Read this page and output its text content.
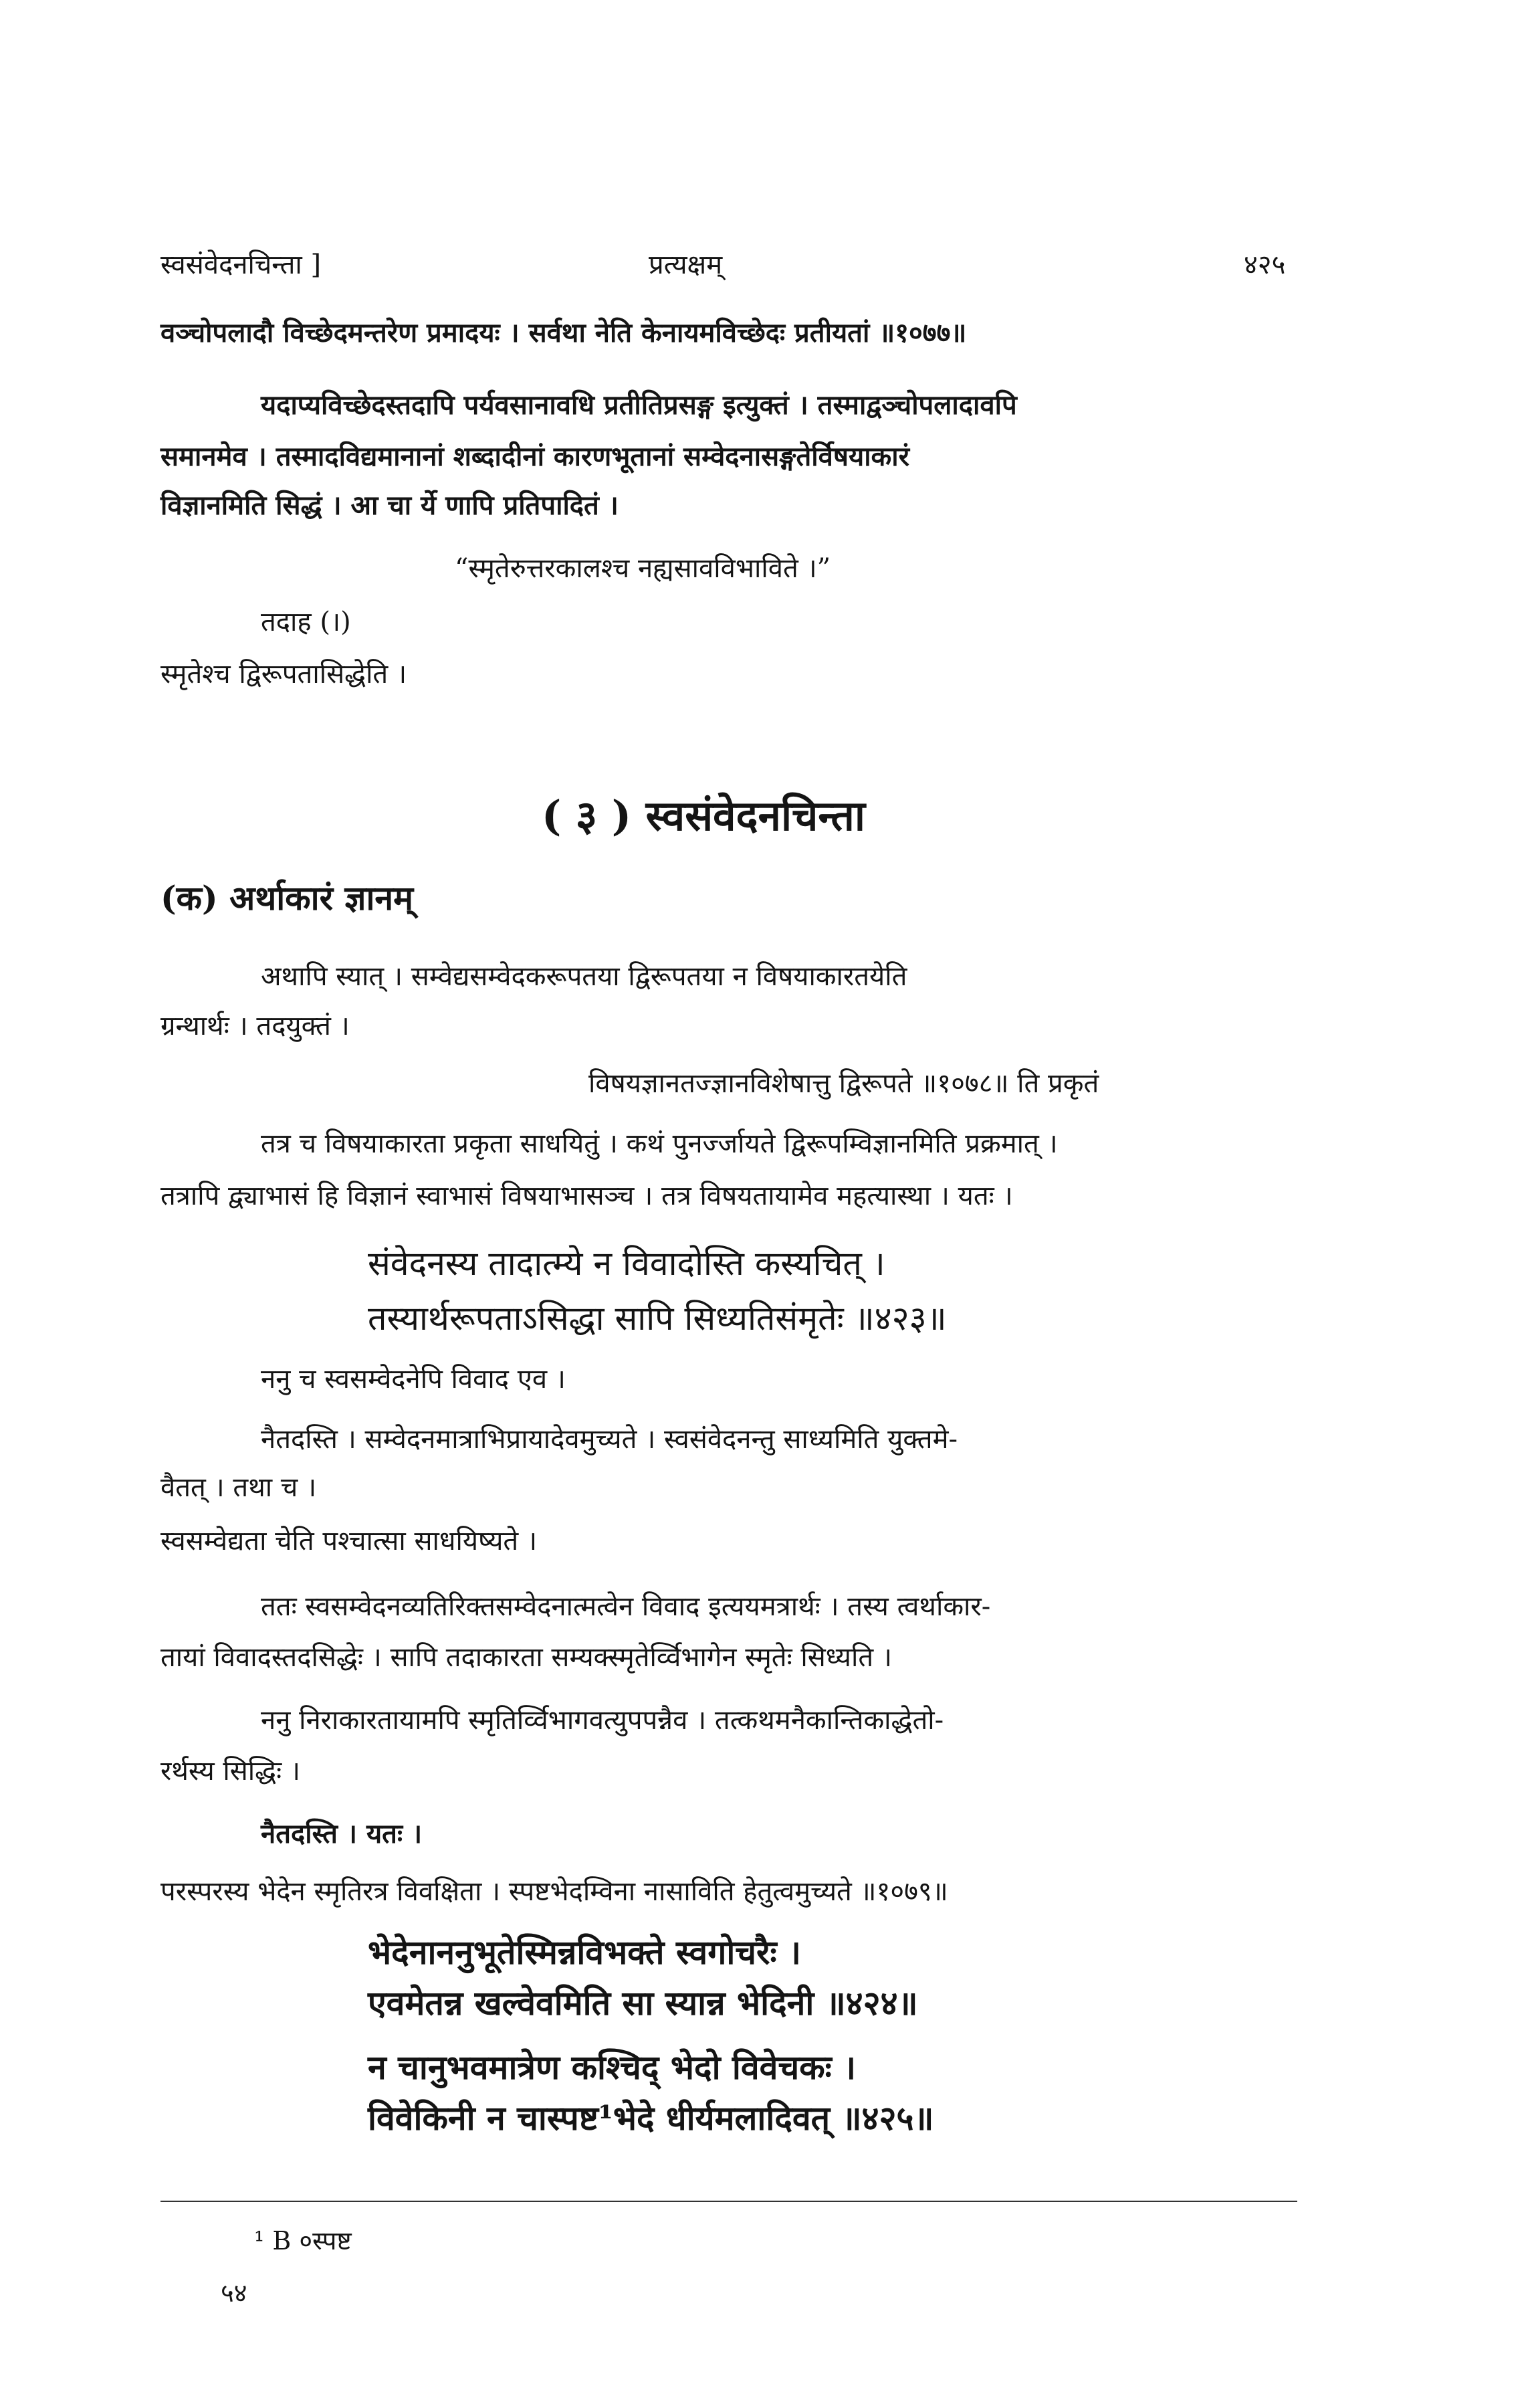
स्वसंवेदनचिन्ता ]	प्रत्यक्षम्	४२५
वञ्चोपलादौ विच्छेदमन्तरेण प्रमादयः । सर्वथा नेति केनायमविच्छेदः प्रतीयतां ॥१०७७॥
यदाप्यविच्छेदस्तदापि पर्यवसानावधि प्रतीतिप्रसङ्ग इत्युक्तं । तस्माद्वञ्चोपलादावपि
समानमेव । तस्मादविद्यमानानां शब्दादीनां कारणभूतानां सम्वेदनासङ्गतेर्विषयाकारं
विज्ञानमिति सिद्धं । आ चा र्ये णापि प्रतिपादितं ।
“स्मृतेरुत्तरकालश्च नह्यसावविभाविते ।”
तदाह (।)
स्मृतेश्च द्विरूपतासिद्धेति ।
( ३ ) स्वसंवेदनचिन्ता
(क) अर्थाकारं ज्ञानम्
अथापि स्यात् । सम्वेद्यसम्वेदकरूपतया द्विरूपतया न विषयाकारतयेति
ग्रन्थार्थः । तदयुक्तं ।
विषयज्ञानतज्ज्ञानविशेषात्तु द्विरूपते ॥१०७८॥ ति प्रकृतं
तत्र च विषयाकारता प्रकृता साधयितुं । कथं पुनर्ज्जायते द्विरूपम्विज्ञानमिति प्रक्रमात् ।
तत्रापि द्व्याभासं हि विज्ञानं स्वाभासं विषयाभासञ्च । तत्र विषयतायामेव महत्यास्था । यतः ।
संवेदनस्य तादात्म्ये न विवादोस्ति कस्यचित् ।
तस्यार्थरूपताऽसिद्धा सापि सिध्यतिसंमृतेः ॥४२३॥
ननु च स्वसम्वेदनेपि विवाद एव ।
नैतदस्ति । सम्वेदनमात्राभिप्रायादेवमुच्यते । स्वसंवेदनन्तु साध्यमिति युक्तमे-
वैतत् । तथा च ।
स्वसम्वेद्यता चेति पश्चात्सा साधयिष्यते ।
ततः स्वसम्वेदनव्यतिरिक्तसम्वेदनात्मत्वेन विवाद इत्ययमत्रार्थः । तस्य त्वर्थाकार-
तायां विवादस्तदसिद्धेः । सापि तदाकारता सम्यक्स्मृतेर्व्विभागेन स्मृतेः सिध्यति ।
ननु निराकारतायामपि स्मृतिर्व्विभागवत्युपपन्नैव । तत्कथमनैकान्तिकाद्धेतो-
रर्थस्य सिद्धिः ।
नैतदस्ति । यतः ।
परस्परस्य भेदेन स्मृतिरत्र विवक्षिता । स्पष्टभेदम्विना नासाविति हेतुत्वमुच्यते ॥१०७९॥
भेदेनाननुभूतेस्मिन्नविभक्ते स्वगोचरैः ।
एवमेतन्न खल्वेवमिति सा स्यान्न भेदिनी ॥४२४॥
न चानुभवमात्रेण कश्चिद् भेदो विवेचकः ।
विवेकिनी न चास्पष्ट¹भेदे धीर्यमलादिवत् ॥४२५॥
¹ B ०स्पष्ट
५४
